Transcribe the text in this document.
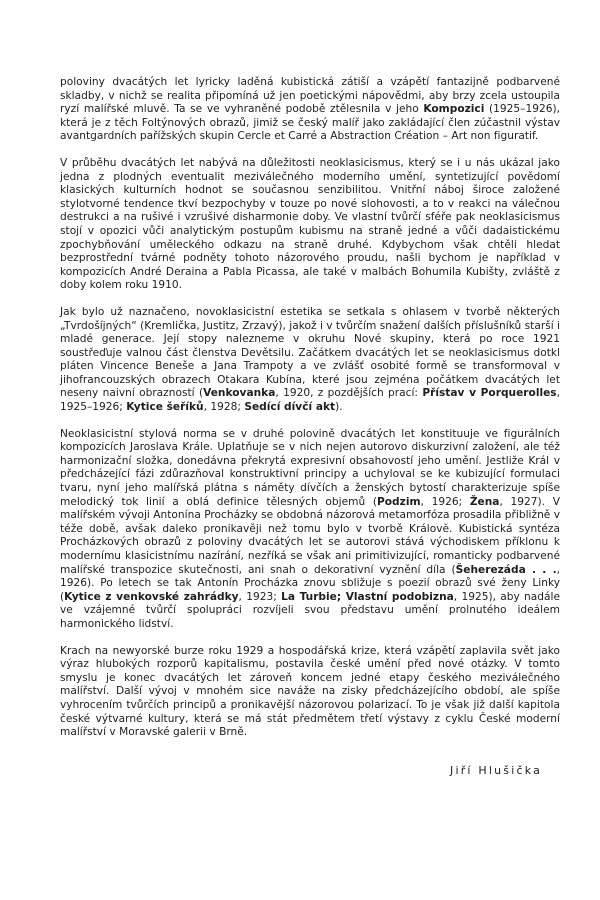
poloviny dvacátých let lyricky laděná kubistická zátiší a vzápětí fantazijně podbarvené skladby, v nichž se realita připomíná už jen poetickými nápovědmi, aby brzy zcela ustoupila ryzí malířské mluvě. Ta se ve vyhraněné podobě ztělesnila v jeho Kompozici (1925–1926), která je z těch Foltýnových obrazů, jimiž se český malíř jako zakládající člen zúčastnil výstav avantgardních pařížských skupin Cercle et Carré a Abstraction Création – Art non figuratif.

V průběhu dvacátých let nabývá na důležitosti neoklasicismus, který se i u nás ukázal jako jedna z plodných eventualit meziválečného moderního umění, syntetizující povědomí klasických kulturních hodnot se současnou senzibilitou. Vnitřní náboj široce založené stylotvorné tendence tkví bezpochyby v touze po nové slohovosti, a to v reakci na válečnou destrukci a na rušivé i vzrušivé disharmonie doby. Ve vlastní tvůrčí sféře pak neoklasicismus stojí v opozici vůči analytickým postupům kubismu na straně jedné a vůči dadaistickému zpochybňování uměleckého odkazu na straně druhé. Kdybychom však chtěli hledat bezprostřední tvárné podněty tohoto názorového proudu, našli bychom je například v kompozicích André Deraina a Pabla Picassa, ale také v malbách Bohumila Kubišty, zvláště z doby kolem roku 1910.

Jak bylo už naznačeno, novoklasicistní estetika se setkala s ohlasem v tvorbě některých „Tvrdošíjných“ (Kremlička, Justitz, Zrzavý), jakož i v tvůrčím snažení dalších příslušníků starší i mladé generace. Její stopy nalezneme v okruhu Nové skupiny, která po roce 1921 soustřeďuje valnou část členstva Devětsilu. Začátkem dvacátých let se neoklasicismus dotkl pláten Vincence Beneše a Jana Trampoty a ve zvlášť osobité formě se transformoval v jihofrancouzských obrazech Otakara Kubína, které jsou zejména počátkem dvacátých let neseny naivní obrazností (Venkovanka, 1920, z pozdějších prací: Přístav v Porquerolles, 1925–1926; Kytice šeříků, 1928; Sedící dívčí akt).

Neoklasicistní stylová norma se v druhé polovině dvacátých let konstituuje ve figurálních kompozicích Jaroslava Krále. Uplatňuje se v nich nejen autorovo diskurzivní založení, ale též harmonizační složka, donedávna překrytá expresivní obsahovostí jeho umění. Jestliže Král v předcházející fázi zdůrazňoval konstruktivní principy a uchyloval se ke kubizující formulaci tvaru, nyní jeho malířská plátna s náměty dívčích a ženských bytostí charakterizuje spíše melodický tok linií a oblá definice tělesných objemů (Podzim, 1926; Žena, 1927). V malířském vývoji Antonína Procházky se obdobná názorová metamorfóza prosadila přibližně v téže době, avšak daleko pronikavěji než tomu bylo v tvorbě Královĕ. Kubistická syntéza Procházkových obrazů z poloviny dvacátých let se autorovi stává východiskem příklonu k modernímu klasicistnímu nazírání, nezříká se však ani primitivizující, romanticky podbarvené malířské transpozice skutečnosti, ani snah o dekorativní vyznění díla (Šeherezáda . . ., 1926). Po letech se tak Antonín Procházka znovu sbližuje s poezií obrazů své ženy Linky (Kytice z venkovské zahrádky, 1923; La Turbie; Vlastní podobizna, 1925), aby nadále ve vzájemné tvůrčí spolupráci rozvíjeli svou představu umění prolnutého ideálem harmonického lidství.

Krach na newyorské burze roku 1929 a hospodářská krize, která vzápětí zaplavila svět jako výraz hlubokých rozporů kapitalismu, postavila české umění před nové otázky. V tomto smyslu je konec dvacátých let zároveň koncem jedné etapy českého meziválečného malířství. Další vývoj v mnohém sice naváže na zisky předcházejícího období, ale spíše vyhrocením tvůrčích principů a pronikavější názorovou polarizací. To je však již další kapitola české výtvarné kultury, která se má stát předmětem třetí výstavy z cyklu České moderní malířství v Moravské galerii v Brně.

Jiří Hlušička
